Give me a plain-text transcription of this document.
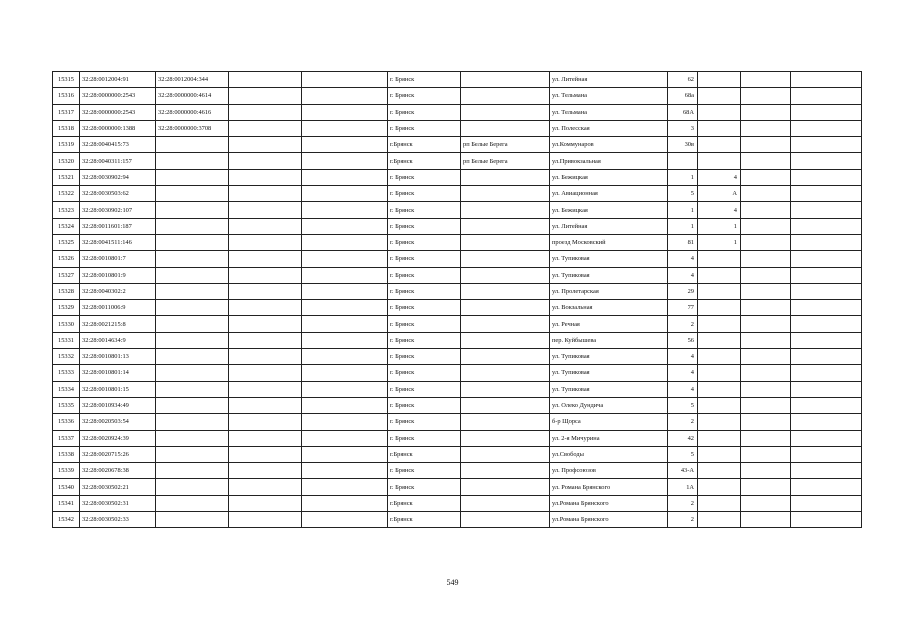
15315	32:28:0012004:91	32:28:0012004:344			г. Брянск		ул. Литейная	62			
15316	32:28:0000000:2543	32:28:0000000:4614			г. Брянск		ул. Тельмана	68а			
15317	32:28:0000000:2543	32:28:0000000:4616			г. Брянск		ул. Тельмана	68А			
15318	32:28:0000000:1388	32:28:0000000:3708			г. Брянск		ул. Полесская	3			
15319	32:28:0040415:73				г.Брянск	рп Белые Берега	ул.Коммунаров	30в			
15320	32:28:0040311:157				г.Брянск	рп Белые Берега	ул.Привокзальная				
15321	32:28:0030902:94				г. Брянск		ул. Бежицкая	1	4		
15322	32:28:0030503:62				г. Брянск		ул. Авиационная	5	А		
15323	32:28:0030902:107				г. Брянск		ул. Бежицкая	1	4		
15324	32:28:0011601:187				г. Брянск		ул. Литейная	1	1		
15325	32:28:0041511:146				г. Брянск		проезд Московский	81	1		
15326	32:28:0010801:7				г. Брянск		ул. Тупиковая	4			
15327	32:28:0010801:9				г. Брянск		ул. Тупиковая	4			
15328	32:28:0040302:2				г. Брянск		ул. Пролетарская	29			
15329	32:28:0011006:9				г. Брянск		ул. Вокзальная	77			
15330	32:28:0021215:8				г. Брянск		ул. Речная	2			
15331	32:28:0014634:9				г. Брянск		пер. Куйбышева	56			
15332	32:28:0010801:13				г. Брянск		ул. Тупиковая	4			
15333	32:28:0010801:14				г. Брянск		ул. Тупиковая	4			
15334	32:28:0010801:15				г. Брянск		ул. Тупиковая	4			
15335	32:28:0010934:49				г. Брянск		ул. Олеко Дундича	5			
15336	32:28:0020503:54				г. Брянск		б-р Щорса	2			
15337	32:28:0020924:39				г. Брянск		ул. 2-я Мичурина	42			
15338	32:28:0020715:26				г.Брянск		ул.Свободы	5			
15339	32:28:0020678:38				г. Брянск		ул. Профсоюзов	43-А			
15340	32:28:0030502:21				г. Брянск		ул. Романа Брянского	1А			
15341	32:28:0030502:31				г.Брянск		ул.Романа Брянского	2			
15342	32:28:0030502:33				г.Брянск		ул.Романа Брянского	2			
549
